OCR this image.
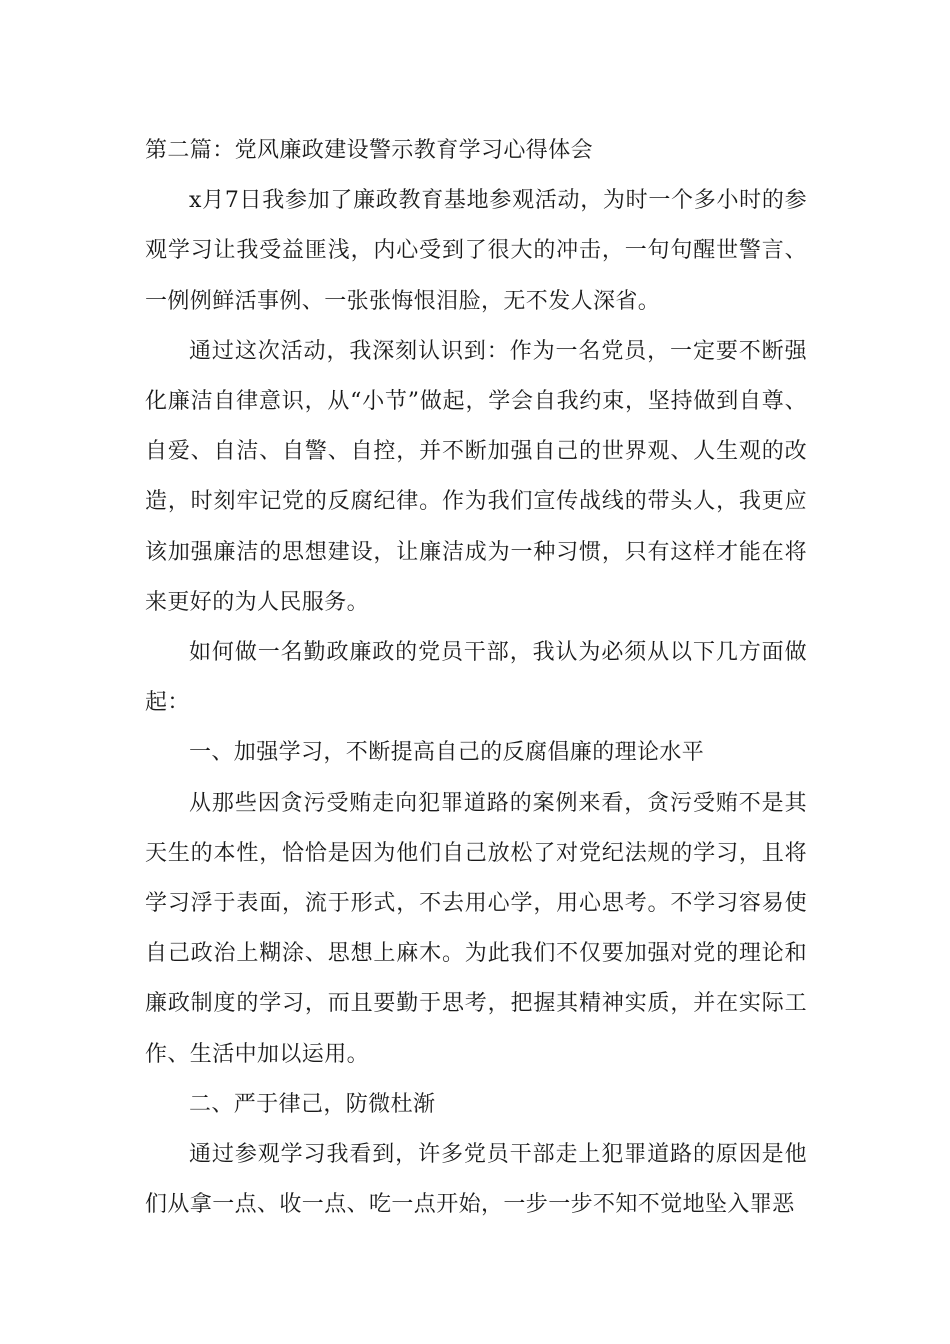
第二篇：党风廉政建设警示教育学习心得体会

x月7日我参加了廉政教育基地参观活动，为时一个多小时的参观学习让我受益匪浅，内心受到了很大的冲击，一句句醒世警言、一例例鲜活事例、一张张悔恨泪脸，无不发人深省。

通过这次活动，我深刻认识到：作为一名党员，一定要不断强化廉洁自律意识，从“小节”做起，学会自我约束，坚持做到自尊、自爱、自洁、自警、自控，并不断加强自己的世界观、人生观的改造，时刻牢记党的反腐纪律。作为我们宣传战线的带头人，我更应该加强廉洁的思想建设，让廉洁成为一种习惯，只有这样才能在将来更好的为人民服务。

如何做一名勤政廉政的党员干部，我认为必须从以下几方面做起：

一、加强学习，不断提高自己的反腐倡廉的理论水平

从那些因贪污受贿走向犯罪道路的案例来看，贪污受贿不是其天生的本性，恰恰是因为他们自己放松了对党纪法规的学习，且将学习浮于表面，流于形式，不去用心学，用心思考。不学习容易使自己政治上糊涂、思想上麻木。为此我们不仅要加强对党的理论和廉政制度的学习，而且要勤于思考，把握其精神实质，并在实际工作、生活中加以运用。

二、严于律己，防微杜渐

通过参观学习我看到，许多党员干部走上犯罪道路的原因是他们从拿一点、收一点、吃一点开始，一步一步不知不觉地坠入罪恶
